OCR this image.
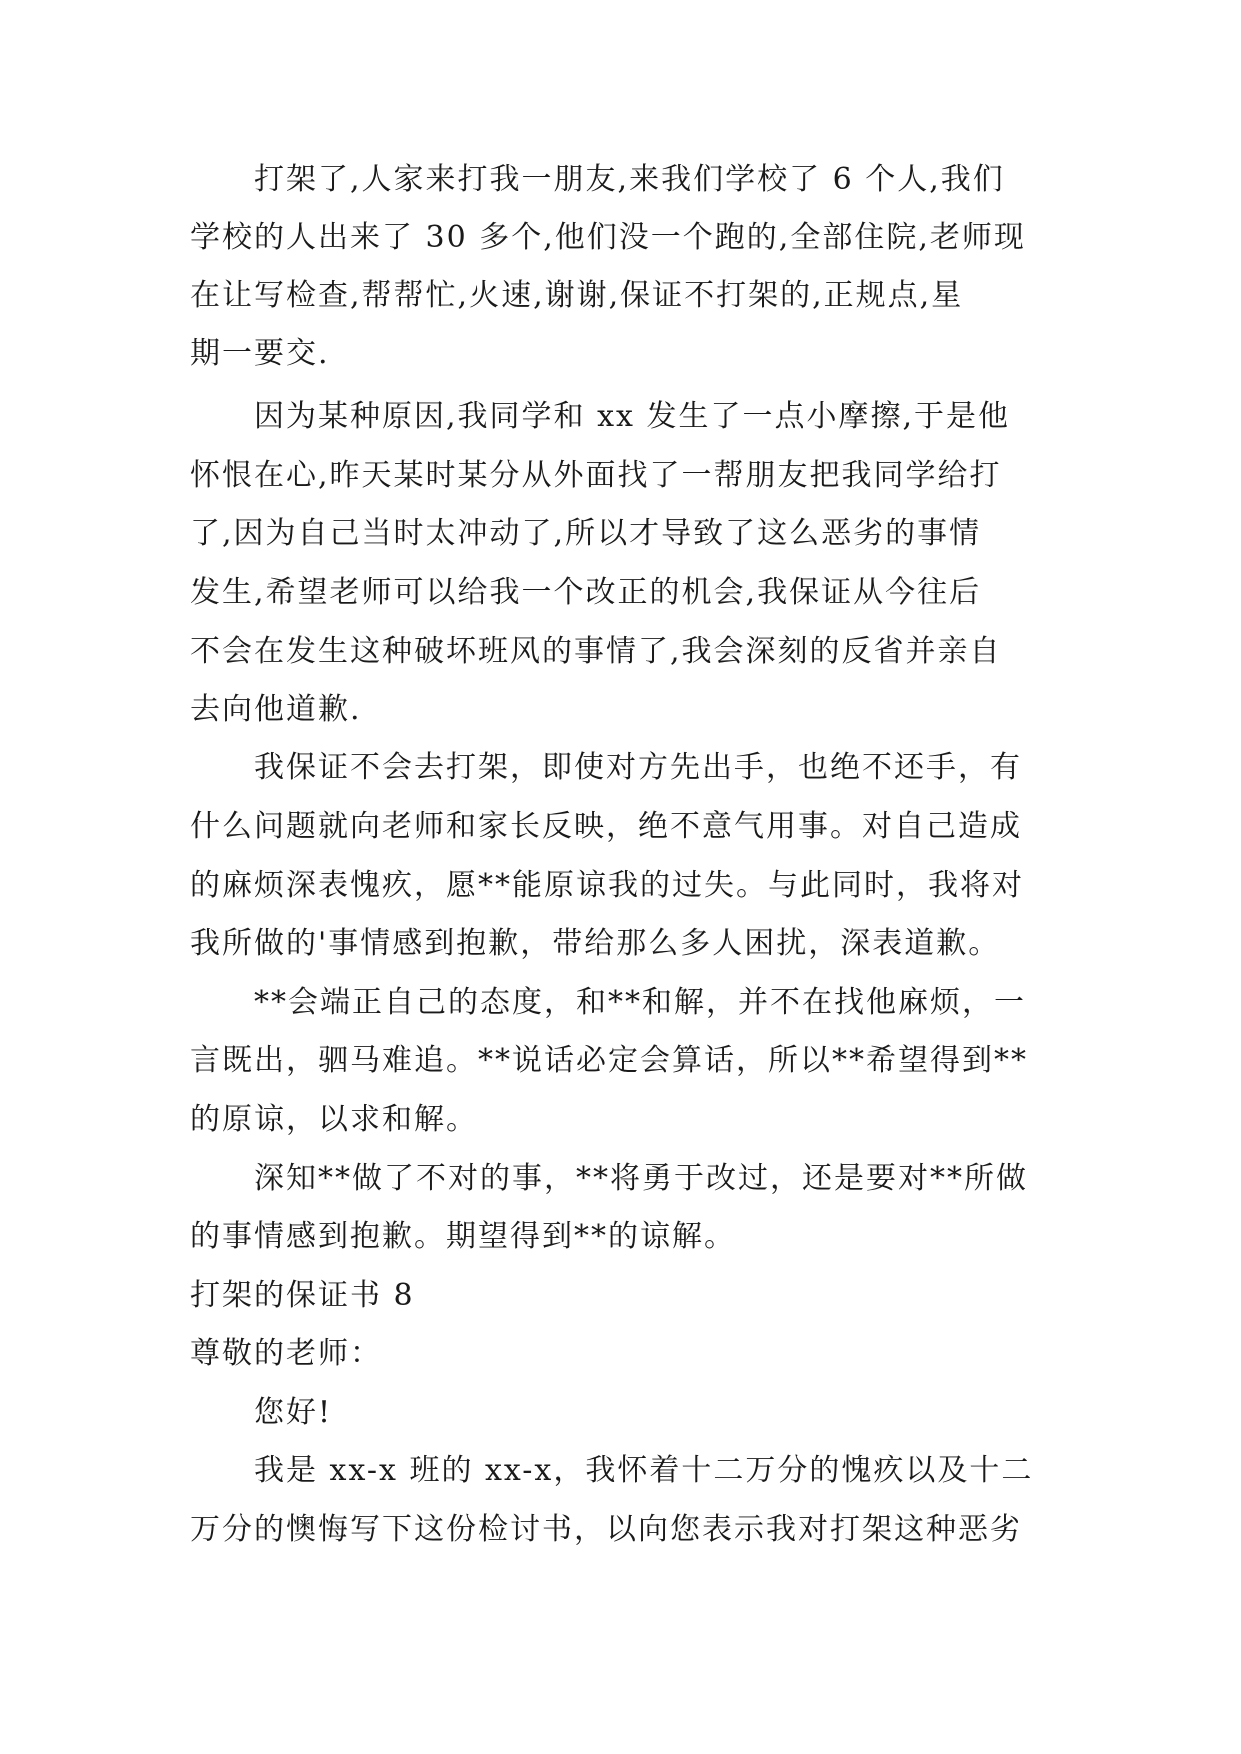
打架了,人家来打我一朋友,来我们学校了 6 个人,我们
学校的人出来了 30 多个,他们没一个跑的,全部住院,老师现
在让写检查,帮帮忙,火速,谢谢,保证不打架的,正规点,星
期一要交.
因为某种原因,我同学和 xx 发生了一点小摩擦,于是他
怀恨在心,昨天某时某分从外面找了一帮朋友把我同学给打
了,因为自己当时太冲动了,所以才导致了这么恶劣的事情
发生,希望老师可以给我一个改正的机会,我保证从今往后
不会在发生这种破坏班风的事情了,我会深刻的反省并亲自
去向他道歉.
我保证不会去打架，即使对方先出手，也绝不还手，有
什么问题就向老师和家长反映，绝不意气用事。对自己造成
的麻烦深表愧疚，愿**能原谅我的过失。与此同时，我将对
我所做的'事情感到抱歉，带给那么多人困扰，深表道歉。
**会端正自己的态度，和**和解，并不在找他麻烦，一
言既出，驷马难追。**说话必定会算话，所以**希望得到**
的原谅，以求和解。
深知**做了不对的事，**将勇于改过，还是要对**所做
的事情感到抱歉。期望得到**的谅解。
打架的保证书 8
尊敬的老师：
您好!
我是 xx-x 班的 xx-x，我怀着十二万分的愧疚以及十二
万分的懊悔写下这份检讨书，以向您表示我对打架这种恶劣
